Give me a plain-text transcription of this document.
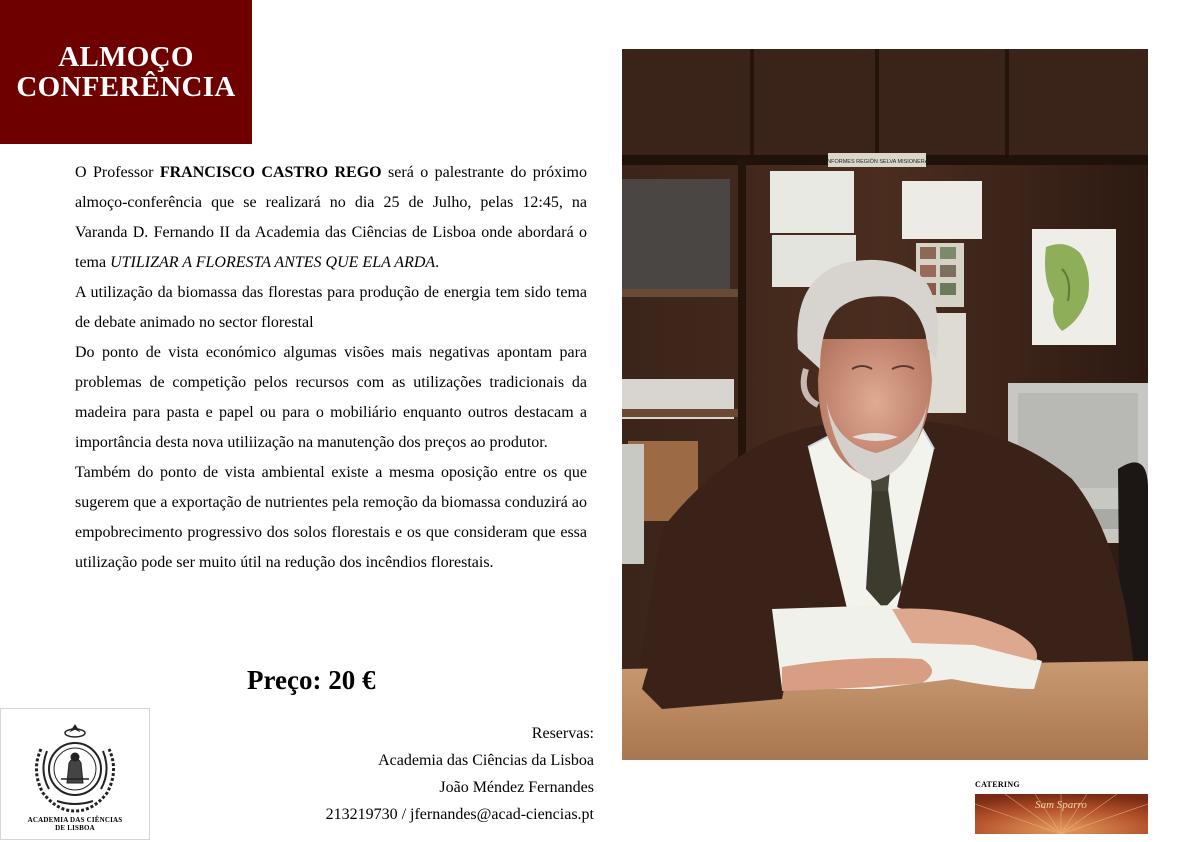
ALMOÇO
CONFERÊNCIA

O Professor FRANCISCO CASTRO REGO será o palestrante do próximo almoço-conferência que se realizará no dia 25 de Julho, pelas 12:45, na Varanda D. Fernando II da Academia das Ciências de Lisboa onde abordará o tema UTILIZAR A FLORESTA ANTES QUE ELA ARDA.

A utilização da biomassa das florestas para produção de energia tem sido tema de debate animado no sector florestal

Do ponto de vista económico algumas visões mais negativas apontam para problemas de competição pelos recursos com as utilizações tradicionais da madeira para pasta e papel ou para o mobiliário enquanto outros destacam a importância desta nova utiliização na manutenção dos preços ao produtor.

Também do ponto de vista ambiental existe a mesma oposição entre os que sugerem que a exportação de nutrientes pela remoção da biomassa conduzirá ao empobrecimento progressivo dos solos florestais e os que consideram que essa utilização pode ser muito útil na redução dos incêndios florestais.

Preço: 20 €
ACADEMIA DAS CIÊNCIAS
DE LISBOA
Reservas:
Academia das Ciências da Lisboa
João Méndez Fernandes
213219730 / jfernandes@acad-ciencias.pt
INFORMES REGIÓN SELVA MISIONERA
CATERING
Sam Sparro
